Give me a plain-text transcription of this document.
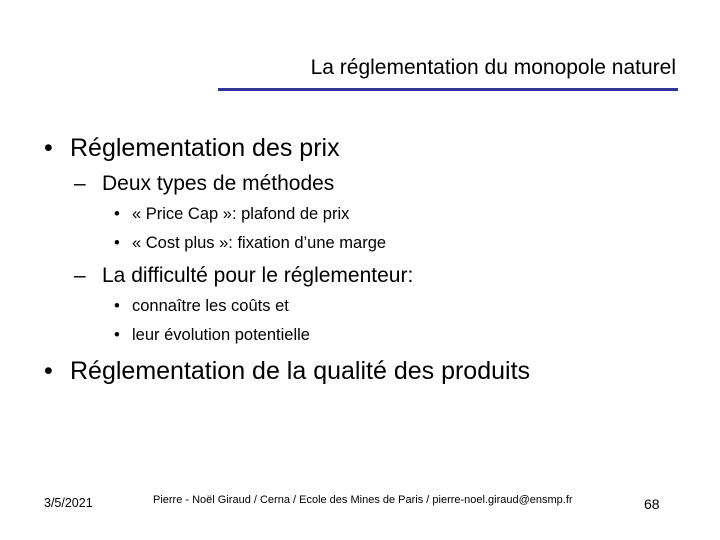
La réglementation du monopole naturel
• Réglementation des prix
– Deux types de méthodes
• « Price Cap »: plafond de prix
• « Cost plus »: fixation d’une marge
– La difficulté pour le réglementeur:
• connaître les coûts et
• leur évolution potentielle
• Réglementation de la qualité des produits
3/5/2021	Pierre - Noël Giraud / Cerna / Ecole des Mines de Paris / pierre-noel.giraud@ensmp.fr	68
